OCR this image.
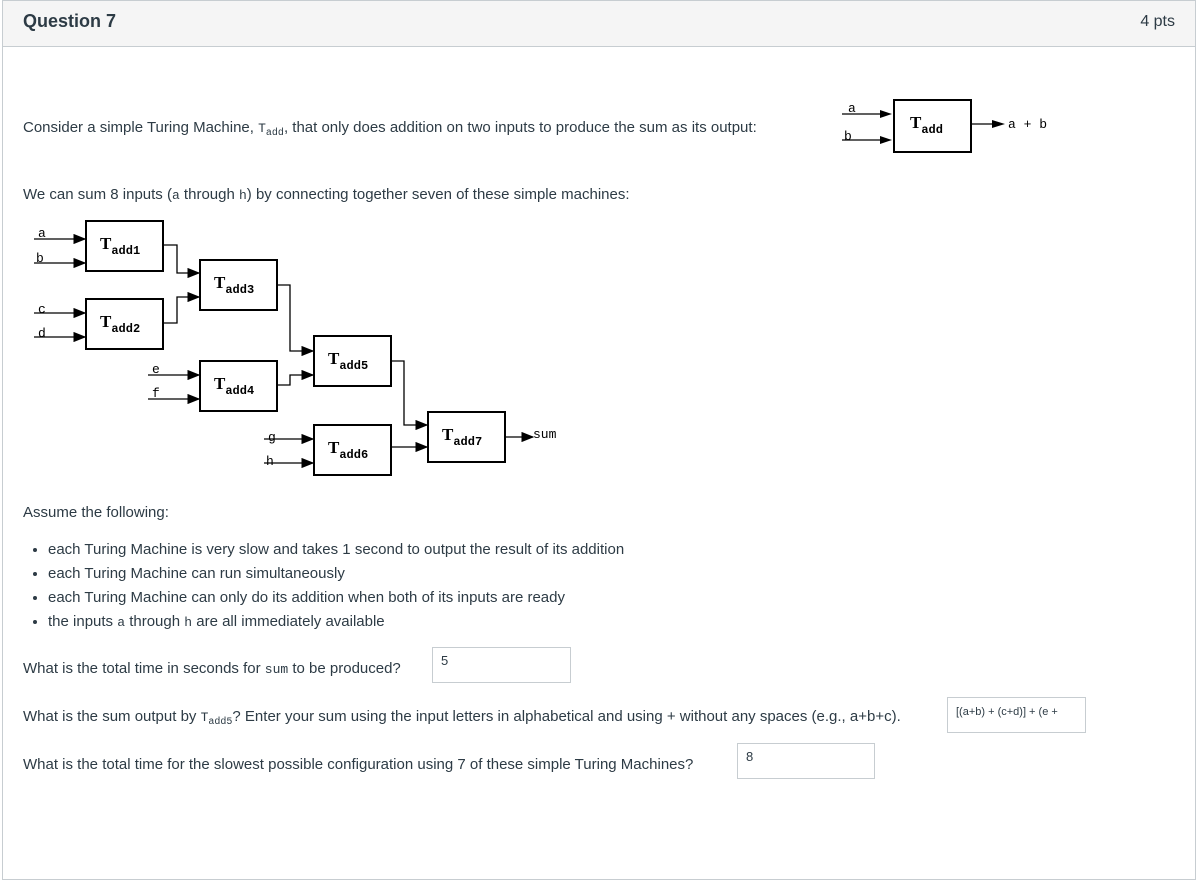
Question 7	4 pts
Consider a simple Turing Machine, $T_{add}$, that only does addition on two inputs to produce the sum as its output:
a
b
$T_{add}$	a + b
We can sum 8 inputs (a through h) by connecting together seven of these simple machines:
a
b
$T_{add1}$
c
d
$T_{add2}$
$T_{add3}$
e
f
$T_{add4}$
$T_{add5}$
g
h
$T_{add6}$
$T_{add7}$	sum
Assume the following:
• each Turing Machine is very slow and takes 1 second to output the result of its addition
• each Turing Machine can run simultaneously
• each Turing Machine can only do its addition when both of its inputs are ready
• the inputs a through h are all immediately available
What is the total time in seconds for sum to be produced?	5
What is the sum output by $T_{add5}$? Enter your sum using the input letters in alphabetical and using + without any spaces (e.g., a+b+c).	[(a+b) + (c+d)] + (e +
What is the total time for the slowest possible configuration using 7 of these simple Turing Machines?	8
